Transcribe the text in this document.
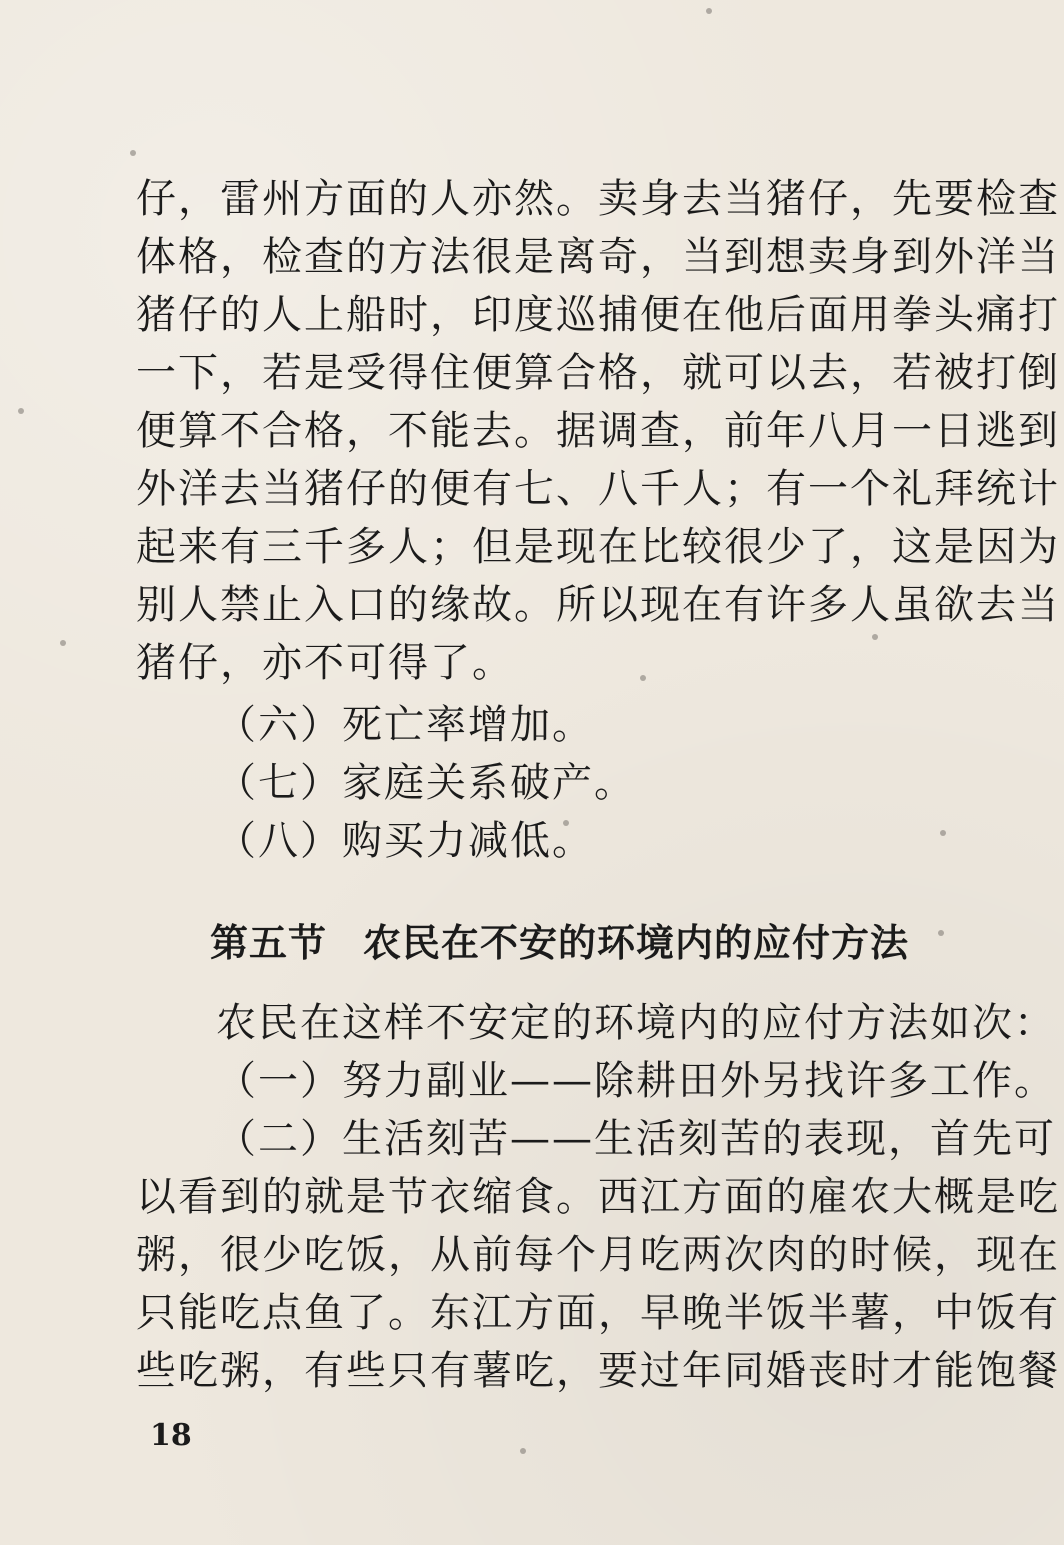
仔，雷州方面的人亦然。卖身去当猪仔，先要检查
体格，检查的方法很是离奇，当到想卖身到外洋当
猪仔的人上船时，印度巡捕便在他后面用拳头痛打
一下，若是受得住便算合格，就可以去，若被打倒
便算不合格，不能去。据调查，前年八月一日逃到
外洋去当猪仔的便有七、八千人；有一个礼拜统计
起来有三千多人；但是现在比较很少了，这是因为
别人禁止入口的缘故。所以现在有许多人虽欲去当
猪仔，亦不可得了。
（六）死亡率增加。
（七）家庭关系破产。
（八）购买力减低。
第五节 农民在不安的环境内的应付方法
农民在这样不安定的环境内的应付方法如次：
（一）努力副业——除耕田外另找许多工作。
（二）生活刻苦——生活刻苦的表现，首先可
以看到的就是节衣缩食。西江方面的雇农大概是吃
粥，很少吃饭，从前每个月吃两次肉的时候，现在
只能吃点鱼了。东江方面，早晚半饭半薯，中饭有
些吃粥，有些只有薯吃，要过年同婚丧时才能饱餐
18
